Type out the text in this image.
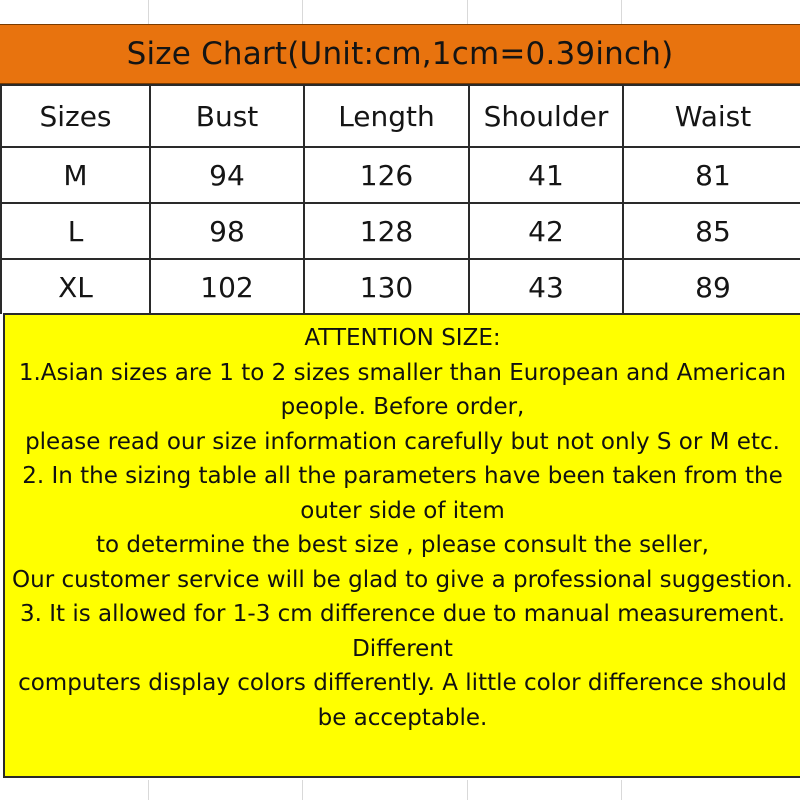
Size Chart(Unit:cm,1cm=0.39inch)
Sizes	Bust	Length	Shoulder	Waist
M	94	126	41	81
L	98	128	42	85
XL	102	130	43	89
ATTENTION SIZE:
1.Asian sizes are 1 to 2 sizes smaller than European and American
people. Before order,
please read our size information carefully but not only S or M etc.
2. In the sizing table all the parameters have been taken from the
outer side of item
to determine the best size , please consult the seller,
Our customer service will be glad to give a professional suggestion.
3. It is allowed for 1-3 cm difference due to manual measurement.
Different
computers display colors differently. A little color difference should
be acceptable.
